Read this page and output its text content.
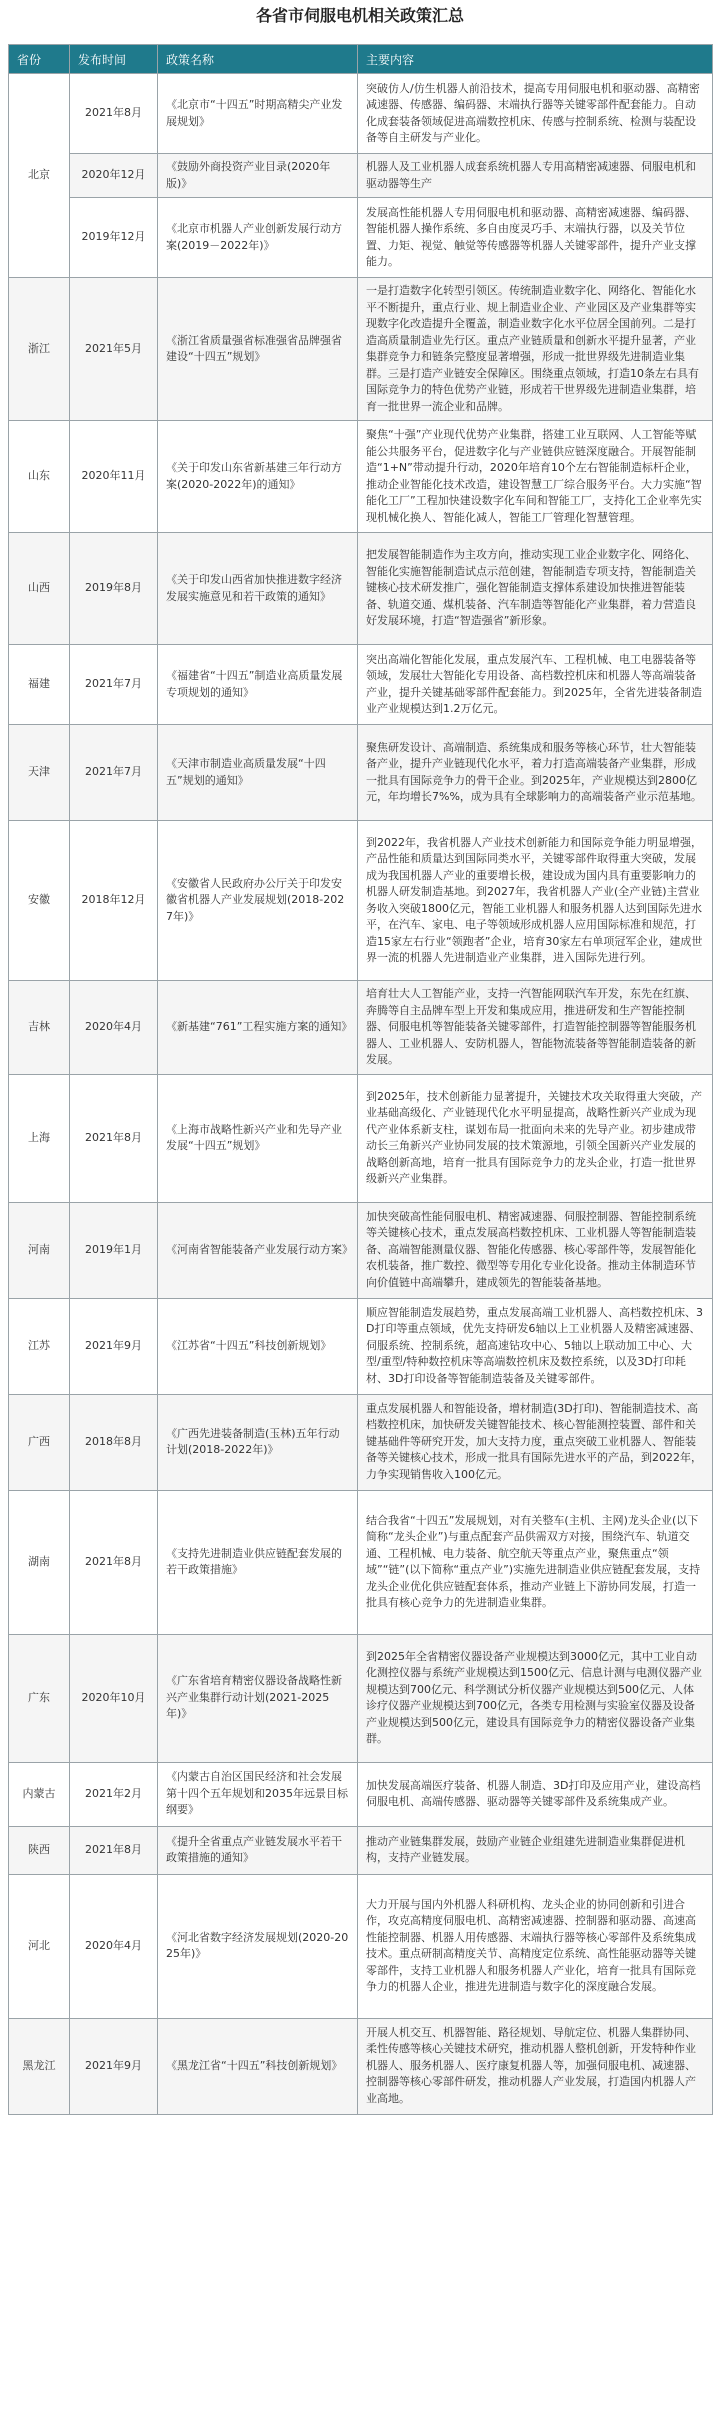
各省市伺服电机相关政策汇总
省份	发布时间	政策名称	主要内容
北京	2021年8月	《北京市“十四五”时期高精尖产业发展规划》	突破仿人/仿生机器人前沿技术，提高专用伺服电机和驱动器、高精密减速器、传感器、编码器、末端执行器等关键零部件配套能力。自动化成套装备领域促进高端数控机床、传感与控制系统、检测与装配设备等自主研发与产业化。
	2020年12月	《鼓励外商投资产业目录(2020年版)》	机器人及工业机器人成套系统机器人专用高精密减速器、伺服电机和驱动器等生产
	2019年12月	《北京市机器人产业创新发展行动方案(2019－2022年)》	发展高性能机器人专用伺服电机和驱动器、高精密减速器、编码器、智能机器人操作系统、多自由度灵巧手、末端执行器，以及关节位置、力矩、视觉、触觉等传感器等机器人关键零部件，提升产业支撑能力。
浙江	2021年5月	《浙江省质量强省标准强省品牌强省建设“十四五”规划》	一是打造数字化转型引领区。传统制造业数字化、网络化、智能化水平不断提升，重点行业、规上制造业企业、产业园区及产业集群等实现数字化改造提升全覆盖，制造业数字化水平位居全国前列。二是打造高质量制造业先行区。重点产业链质量和创新水平提升显著，产业集群竞争力和链条完整度显著增强，形成一批世界级先进制造业集群。三是打造产业链安全保障区。围绕重点领域，打造10条左右具有国际竞争力的特色优势产业链，形成若干世界级先进制造业集群，培育一批世界一流企业和品牌。
山东	2020年11月	《关于印发山东省新基建三年行动方案(2020-2022年)的通知》	聚焦“十强”产业现代优势产业集群，搭建工业互联网、人工智能等赋能公共服务平台，促进数字化与产业链供应链深度融合。开展智能制造“1+N”带动提升行动，2020年培育10个左右智能制造标杆企业，推动企业智能化技术改造，建设智慧工厂综合服务平台。大力实施“智能化工厂”工程加快建设数字化车间和智能工厂，支持化工企业率先实现机械化换人、智能化减人，智能工厂管理化智慧管理。
山西	2019年8月	《关于印发山西省加快推进数字经济发展实施意见和若干政策的通知》	把发展智能制造作为主攻方向，推动实现工业企业数字化、网络化、智能化实施智能制造试点示范创建，智能制造专项支持，智能制造关键核心技术研发推广，强化智能制造支撑体系建设加快推进智能装备、轨道交通、煤机装备、汽车制造等智能化产业集群，着力营造良好发展环境，打造“智造强省”新形象。
福建	2021年7月	《福建省“十四五”制造业高质量发展专项规划的通知》	突出高端化智能化发展，重点发展汽车、工程机械、电工电器装备等领域，发展壮大智能化专用设备、高档数控机床和机器人等高端装备产业，提升关键基础零部件配套能力。到2025年，全省先进装备制造业产业规模达到1.2万亿元。
天津	2021年7月	《天津市制造业高质量发展“十四五”规划的通知》	聚焦研发设计、高端制造、系统集成和服务等核心环节，壮大智能装备产业，提升产业链现代化水平，着力打造高端装备产业集群，形成一批具有国际竞争力的骨干企业。到2025年，产业规模达到2800亿元，年均增长7%%，成为具有全球影响力的高端装备产业示范基地。
安徽	2018年12月	《安徽省人民政府办公厅关于印发安徽省机器人产业发展规划(2018-2027年)》	到2022年，我省机器人产业技术创新能力和国际竞争能力明显增强，产品性能和质量达到国际同类水平，关键零部件取得重大突破，发展成为我国机器人产业的重要增长极，建设成为国内具有重要影响力的机器人研发制造基地。到2027年，我省机器人产业(全产业链)主营业务收入突破1800亿元，智能工业机器人和服务机器人达到国际先进水平，在汽车、家电、电子等领域形成机器人应用国际标准和规范，打造15家左右行业“领跑者”企业，培育30家左右单项冠军企业，建成世界一流的机器人先进制造业产业集群，进入国际先进行列。
吉林	2020年4月	《新基建“761”工程实施方案的通知》	培育壮大人工智能产业，支持一汽智能网联汽车开发，东先在红旗、奔腾等自主品牌车型上开发和集成应用，推进研发和生产智能控制器、伺服电机等智能装备关键零部件，打造智能控制器等智能服务机器人、工业机器人、安防机器人，智能物流装备等智能制造装备的新发展。
上海	2021年8月	《上海市战略性新兴产业和先导产业发展“十四五”规划》	到2025年，技术创新能力显著提升，关键技术攻关取得重大突破，产业基础高级化、产业链现代化水平明显提高，战略性新兴产业成为现代产业体系新支柱，谋划布局一批面向未来的先导产业。初步建成带动长三角新兴产业协同发展的技术策源地，引领全国新兴产业发展的战略创新高地，培育一批具有国际竞争力的龙头企业，打造一批世界级新兴产业集群。
河南	2019年1月	《河南省智能装备产业发展行动方案》	加快突破高性能伺服电机、精密减速器、伺服控制器、智能控制系统等关键核心技术，重点发展高档数控机床、工业机器人等智能制造装备、高端智能测量仪器、智能化传感器、核心零部件等，发展智能化农机装备，推广数控、微型等专用化专业化设备。推动主体制造环节向价值链中高端攀升，建成领先的智能装备基地。
江苏	2021年9月	《江苏省“十四五”科技创新规划》	顺应智能制造发展趋势，重点发展高端工业机器人、高档数控机床、3D打印等重点领域，优先支持研发6轴以上工业机器人及精密减速器、伺服系统、控制系统，超高速钻攻中心、5轴以上联动加工中心、大型/重型/特种数控机床等高端数控机床及数控系统，以及3D打印耗材、3D打印设备等智能制造装备及关键零部件。
广西	2018年8月	《广西先进装备制造(玉林)五年行动计划(2018-2022年)》	重点发展机器人和智能设备，增材制造(3D打印)、智能制造技术、高档数控机床，加快研发关键智能技术、核心智能测控装置、部件和关键基础件等研究开发，加大支持力度，重点突破工业机器人、智能装备等关键核心技术，形成一批具有国际先进水平的产品，到2022年，力争实现销售收入100亿元。
湖南	2021年8月	《支持先进制造业供应链配套发展的若干政策措施》	结合我省“十四五”发展规划，对有关整车(主机、主网)龙头企业(以下简称“龙头企业”)与重点配套产品供需双方对接，围绕汽车、轨道交通、工程机械、电力装备、航空航天等重点产业，聚焦重点“领域”“链”(以下简称“重点产业”)实施先进制造业供应链配套发展，支持龙头企业优化供应链配套体系，推动产业链上下游协同发展，打造一批具有核心竞争力的先进制造业集群。
广东	2020年10月	《广东省培育精密仪器设备战略性新兴产业集群行动计划(2021-2025年)》	到2025年全省精密仪器设备产业规模达到3000亿元，其中工业自动化测控仪器与系统产业规模达到1500亿元、信息计测与电测仪器产业规模达到700亿元、科学测试分析仪器产业规模达到500亿元、人体诊疗仪器产业规模达到700亿元，各类专用检测与实验室仪器及设备产业规模达到500亿元，建设具有国际竞争力的精密仪器设备产业集群。
内蒙古	2021年2月	《内蒙古自治区国民经济和社会发展第十四个五年规划和2035年远景目标纲要》	加快发展高端医疗装备、机器人制造、3D打印及应用产业，建设高档伺服电机、高端传感器、驱动器等关键零部件及系统集成产业。
陕西	2021年8月	《提升全省重点产业链发展水平若干政策措施的通知》	推动产业链集群发展，鼓励产业链企业组建先进制造业集群促进机构，支持产业链发展。
河北	2020年4月	《河北省数字经济发展规划(2020-2025年)》	大力开展与国内外机器人科研机构、龙头企业的协同创新和引进合作，攻克高精度伺服电机、高精密减速器、控制器和驱动器、高速高性能控制器、机器人用传感器、末端执行器等核心零部件及系统集成技术。重点研制高精度关节、高精度定位系统、高性能驱动器等关键零部件，支持工业机器人和服务机器人产业化，培育一批具有国际竞争力的机器人企业，推进先进制造与数字化的深度融合发展。
黑龙江	2021年9月	《黑龙江省“十四五”科技创新规划》	开展人机交互、机器智能、路径规划、导航定位、机器人集群协同、柔性传感等核心关键技术研究，推动机器人整机创新，开发特种作业机器人、服务机器人、医疗康复机器人等，加强伺服电机、减速器、控制器等核心零部件研发，推动机器人产业发展，打造国内机器人产业高地。
